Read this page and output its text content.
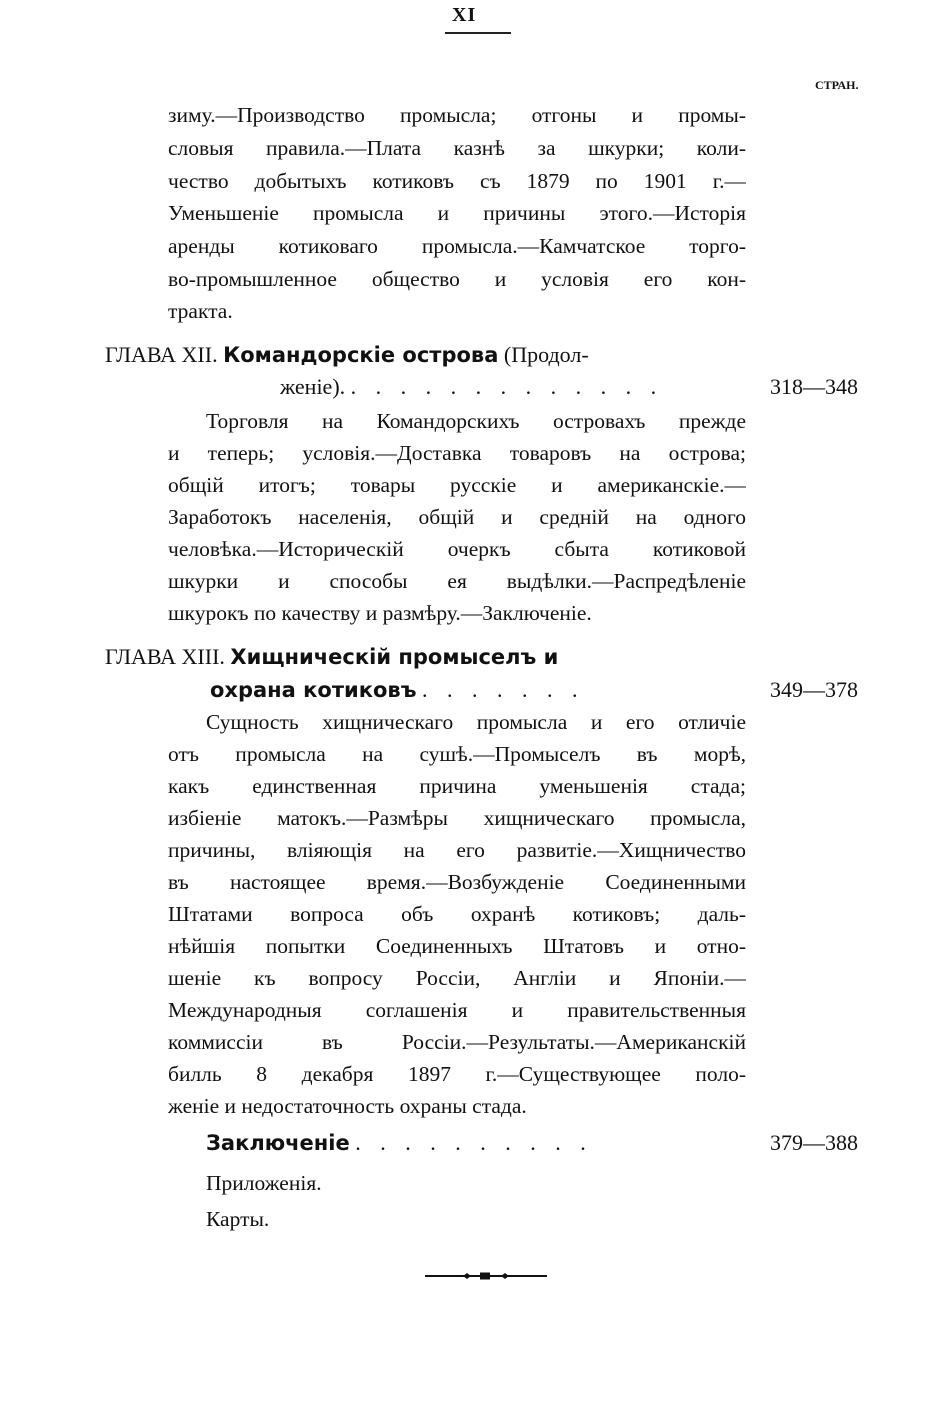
XI
СТРАН.
зиму.—Производство промысла; отгоны и промы-
словыя правила.—Плата казнѣ за шкурки; коли-
чество добытыхъ котиковъ съ 1879 по 1901 г.—
Уменьшеніе промысла и причины этого.—Исторія
аренды котиковаго промысла.—Камчатское торго-
во-промышленное общество и условія его кон-
тракта.
ГЛАВА XII. Командорскіе острова (Продол-
женіе). . . . . . . . . . . . . .	318—348
Торговля на Командорскихъ островахъ прежде
и теперь; условія.—Доставка товаровъ на острова;
общій итогъ; товары русскіе и американскіе.—
Заработокъ населенія, общій и средній на одного
человѣка.—Историческій очеркъ сбыта котиковой
шкурки и способы ея выдѣлки.—Распредѣленіе
шкурокъ по качеству и размѣру.—Заключеніе.
ГЛАВА XIII. Хищническій промыселъ и
охрана котиковъ . . . . . . .	349—378
Сущность хищническаго промысла и его отличіе
отъ промысла на сушѣ.—Промыселъ въ морѣ,
какъ единственная причина уменьшенія стада;
избіеніе матокъ.—Размѣры хищническаго промысла,
причины, вліяющія на его развитіе.—Хищничество
въ настоящее время.—Возбужденіе Соединенными
Штатами вопроса объ охранѣ котиковъ; даль-
нѣйшія попытки Соединенныхъ Штатовъ и отно-
шеніе къ вопросу Россіи, Англіи и Японіи.—
Международныя соглашенія и правительственныя
коммиссіи въ Россіи.—Результаты.—Американскій
билль 8 декабря 1897 г.—Существующее поло-
женіе и недостаточность охраны стада.
Заключеніе . . . . . . . . . .	379—388
Приложенія.
Карты.
